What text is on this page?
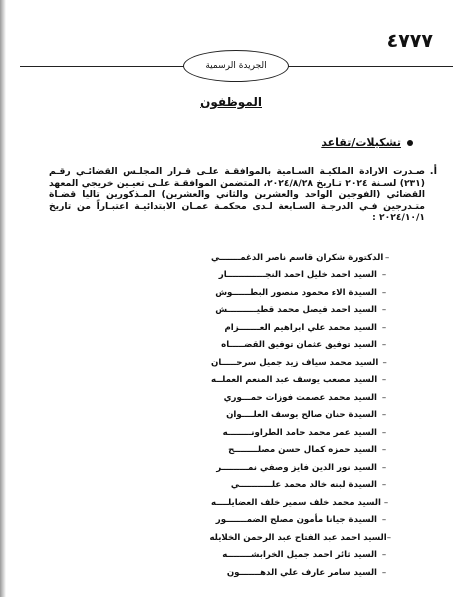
٤٧٧٧
الجريدة الرسمية
الموظفون
تشكيلات/تقاعد
أ.
صـدرت الارادة الملكيـة السـامية بالموافقـة علـى قـرار المجلـس القضائـي رقـم (٢٣١) لسـنة ٢٠٢٤ تـاريخ ٢٠٢٤/٨/٢٨، المتضمن الموافقـة علـى تعيـين خريجي المعهد القضائي (الفوجين الواحد والعشرين والثاني والعشرين) المـذكورين تاليا قضـاة متـدرجين فـي الدرجـة السـابعة لـدى محكمـة عمـان الابتدائيـة اعتبـاراً من تاريخ ٢٠٢٤/١٠/١ :
–
الدكتورة شكران قاسم ناصر الدغمـــــــي
–
السيد احمد خليل احمد النجـــــــــــــار
–
السيدة الاء محمود منصور البطــــــوش
–
السيد احمد فيصل محمد قطيــــــــــش
–
السيد محمد علي ابراهيم العـــــــزام
–
السيد توفيق عثمان توفيق القضـــــاه
–
السيد محمد سياف زيد جميل سرحـــــان
–
السيد مصعب يوسف عبد المنعم العملــه
–
السيد محمد عصمت فوزات حمـــوري
–
السيدة حنان صالح يوسف العلــــوان
–
السيد عمر محمد حامد الطراونــــــــه
–
السيد حمزه كمال حسن مصلــــــــح
–
السيد نور الدين فايز وصفي نمـــــــــر
–
السيدة لبنه خالد محمد علـــــــــــي
–
السيد محمد خلف سمير خلف العضايلــــه
–
السيدة جيانا مأمون مصلح الضمـــــــور
–
السيد احمد عبد الفتاح عبد الرحمن الخلايله
–
السيد ثائر احمد جميل الخرابشــــــــه
–
السيد سامر عارف علي الدهـــــــون
